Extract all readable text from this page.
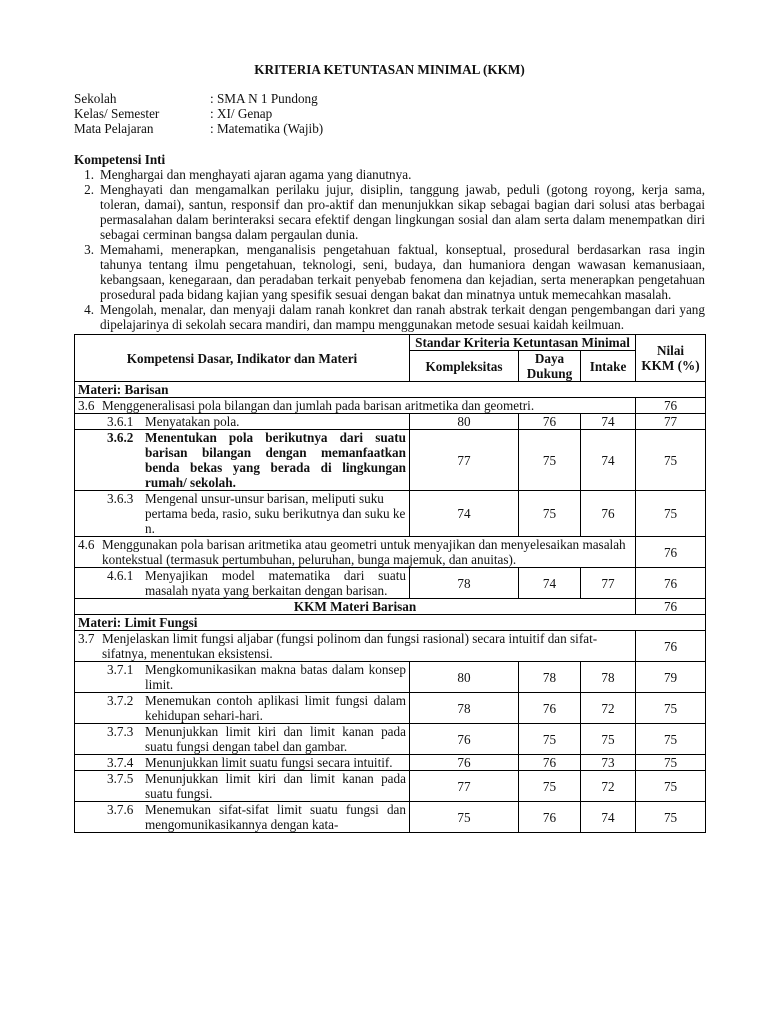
KRITERIA KETUNTASAN MINIMAL (KKM)
Sekolah	: SMA N 1 Pundong
Kelas/ Semester	: XI/ Genap
Mata Pelajaran	: Matematika (Wajib)
Kompetensi Inti
1. Menghargai dan menghayati ajaran agama yang dianutnya.
2. Menghayati dan mengamalkan perilaku jujur, disiplin, tanggung jawab, peduli (gotong royong, kerja sama, toleran, damai), santun, responsif dan pro-aktif dan menunjukkan sikap sebagai bagian dari solusi atas berbagai permasalahan dalam berinteraksi secara efektif dengan lingkungan sosial dan alam serta dalam menempatkan diri sebagai cerminan bangsa dalam pergaulan dunia.
3. Memahami, menerapkan, menganalisis pengetahuan faktual, konseptual, prosedural berdasarkan rasa ingin tahunya tentang ilmu pengetahuan, teknologi, seni, budaya, dan humaniora dengan wawasan kemanusiaan, kebangsaan, kenegaraan, dan peradaban terkait penyebab fenomena dan kejadian, serta menerapkan pengetahuan prosedural pada bidang kajian yang spesifik sesuai dengan bakat dan minatnya untuk memecahkan masalah.
4. Mengolah, menalar, dan menyaji dalam ranah konkret dan ranah abstrak terkait dengan pengembangan dari yang dipelajarinya di sekolah secara mandiri, dan mampu menggunakan metode sesuai kaidah keilmuan.
Kompetensi Dasar, Indikator dan Materi	Standar Kriteria Ketuntasan Minimal			Nilai KKM (%)
	Kompleksitas	Daya Dukung	Intake	
Materi: Barisan				

3.6 Menggeneralisasi pola bilangan dan jumlah pada barisan aritmetika dan geometri.				76

3.6.1 Menyatakan pola.	80	76	74	77

3.6.2 Menentukan pola berikutnya dari suatu barisan bilangan dengan memanfaatkan benda bekas yang berada di lingkungan rumah/ sekolah.	77	75	74	75

3.6.3 Mengenal unsur-unsur barisan, meliputi suku pertama beda, rasio, suku berikutnya dan suku ke n.	74	75	76	75

4.6 Menggunakan pola barisan aritmetika atau geometri untuk menyajikan dan menyelesaikan masalah kontekstual (termasuk pertumbuhan, peluruhan, bunga majemuk, dan anuitas).				76

4.6.1 Menyajikan model matematika dari suatu masalah nyata yang berkaitan dengan barisan.	78	74	77	76
KKM Materi Barisan				76
Materi: Limit Fungsi				

3.7 Menjelaskan limit fungsi aljabar (fungsi polinom dan fungsi rasional) secara intuitif dan sifat-sifatnya, menentukan eksistensi.				76

3.7.1 Mengkomunikasikan makna batas dalam konsep limit.	80	78	78	79

3.7.2 Menemukan contoh aplikasi limit fungsi dalam kehidupan sehari-hari.	78	76	72	75

3.7.3 Menunjukkan limit kiri dan limit kanan pada suatu fungsi dengan tabel dan gambar.	76	75	75	75

3.7.4 Menunjukkan limit suatu fungsi secara intuitif.	76	76	73	75

3.7.5 Menunjukkan limit kiri dan limit kanan pada suatu fungsi.	77	75	72	75

3.7.6 Menemukan sifat-sifat limit suatu fungsi dan mengomunikasikannya dengan kata-	75	76	74	75
